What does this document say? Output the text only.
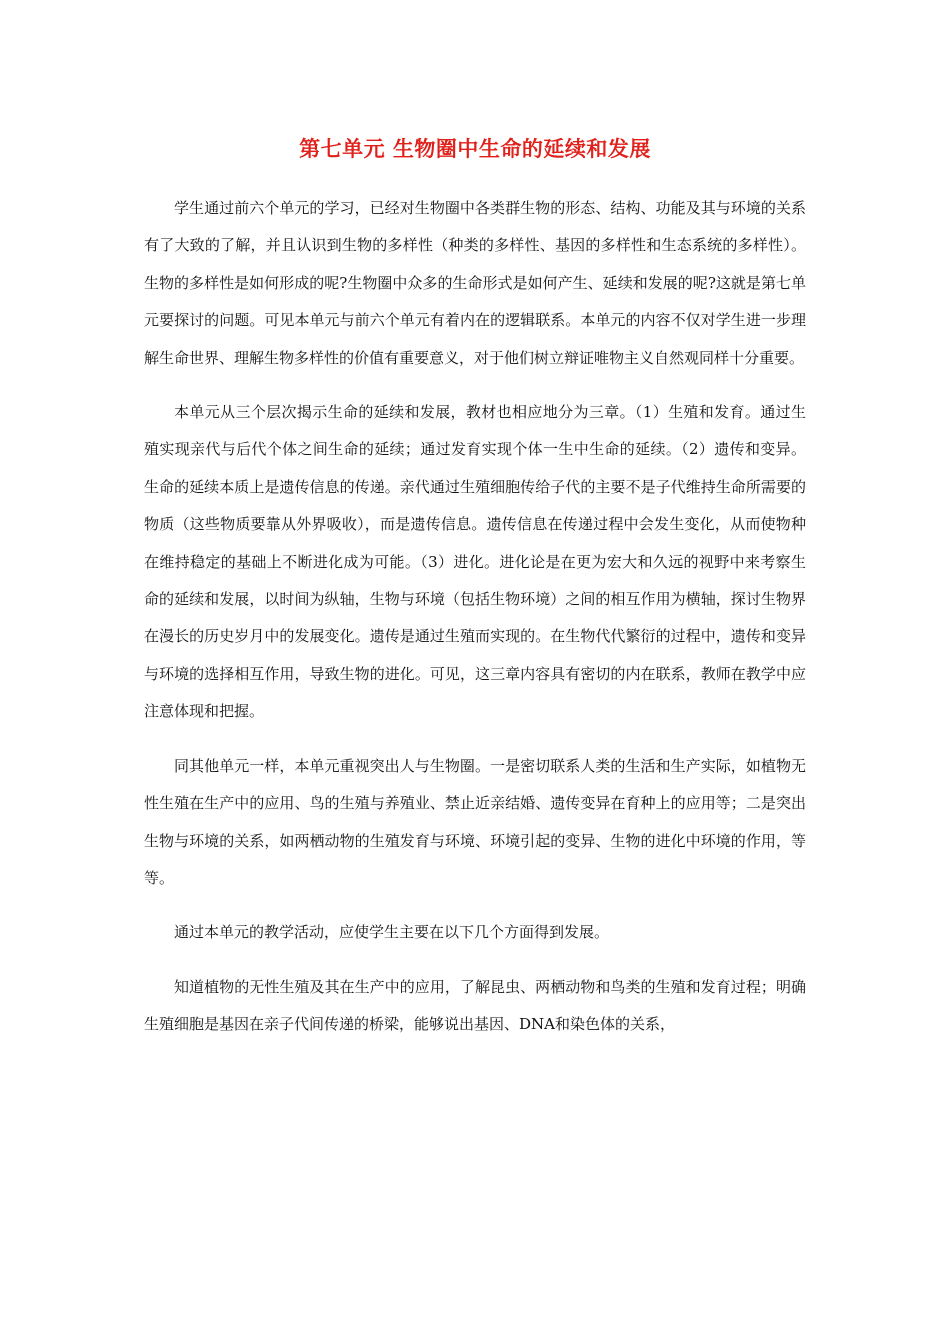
第七单元 生物圈中生命的延续和发展

学生通过前六个单元的学习，已经对生物圈中各类群生物的形态、结构、功能及其与环境的关系有了大致的了解，并且认识到生物的多样性（种类的多样性、基因的多样性和生态系统的多样性）。生物的多样性是如何形成的呢?生物圈中众多的生命形式是如何产生、延续和发展的呢?这就是第七单元要探讨的问题。可见本单元与前六个单元有着内在的逻辑联系。本单元的内容不仅对学生进一步理解生命世界、理解生物多样性的价值有重要意义，对于他们树立辩证唯物主义自然观同样十分重要。

本单元从三个层次揭示生命的延续和发展，教材也相应地分为三章。（1）生殖和发育。通过生殖实现亲代与后代个体之间生命的延续；通过发育实现个体一生中生命的延续。（2）遗传和变异。生命的延续本质上是遗传信息的传递。亲代通过生殖细胞传给子代的主要不是子代维持生命所需要的物质（这些物质要靠从外界吸收），而是遗传信息。遗传信息在传递过程中会发生变化，从而使物种在维持稳定的基础上不断进化成为可能。（3）进化。进化论是在更为宏大和久远的视野中来考察生命的延续和发展，以时间为纵轴，生物与环境（包括生物环境）之间的相互作用为横轴，探讨生物界在漫长的历史岁月中的发展变化。遗传是通过生殖而实现的。在生物代代繁衍的过程中，遗传和变异与环境的选择相互作用，导致生物的进化。可见，这三章内容具有密切的内在联系，教师在教学中应注意体现和把握。

同其他单元一样，本单元重视突出人与生物圈。一是密切联系人类的生活和生产实际，如植物无性生殖在生产中的应用、鸟的生殖与养殖业、禁止近亲结婚、遗传变异在育种上的应用等；二是突出生物与环境的关系，如两栖动物的生殖发育与环境、环境引起的变异、生物的进化中环境的作用，等等。

通过本单元的教学活动，应使学生主要在以下几个方面得到发展。

知道植物的无性生殖及其在生产中的应用，了解昆虫、两栖动物和鸟类的生殖和发育过程；明确生殖细胞是基因在亲子代间传递的桥梁，能够说出基因、DNA和染色体的关系，
